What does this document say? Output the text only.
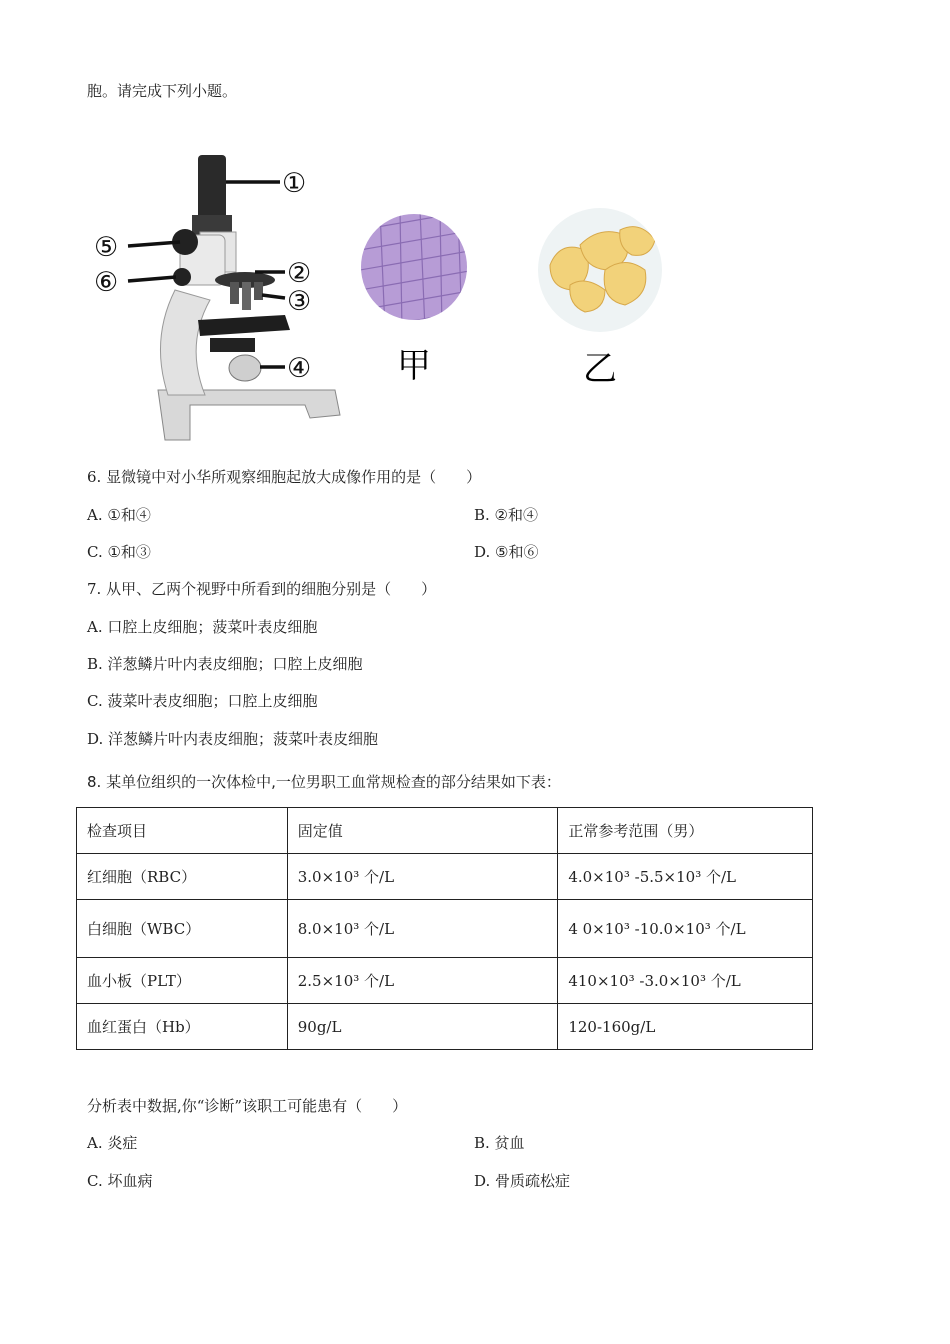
胞。请完成下列小题。
①
②
③
④
⑤
⑥
甲	乙
6. 显微镜中对小华所观察细胞起放大成像作用的是（　　）
A. ①和④	B. ②和④
C. ①和③	D. ⑤和⑥
7. 从甲、乙两个视野中所看到的细胞分别是（　　）
A. 口腔上皮细胞；菠菜叶表皮细胞
B. 洋葱鳞片叶内表皮细胞；口腔上皮细胞
C. 菠菜叶表皮细胞；口腔上皮细胞
D. 洋葱鳞片叶内表皮细胞；菠菜叶表皮细胞
8. 某单位组织的一次体检中,一位男职工血常规检查的部分结果如下表：
检查项目	固定值	正常参考范围（男）
红细胞（RBC）	3.0×10³ 个/L	4.0×10³ -5.5×10³ 个/L
白细胞（WBC）	8.0×10³ 个/L	4 0×10³ -10.0×10³ 个/L
血小板（PLT）	2.5×10³ 个/L	410×10³ -3.0×10³ 个/L
血红蛋白（Hb）	90g/L	120-160g/L
分析表中数据,你“诊断”该职工可能患有（　　）
A. 炎症	B. 贫血
C. 坏血病	D. 骨质疏松症
